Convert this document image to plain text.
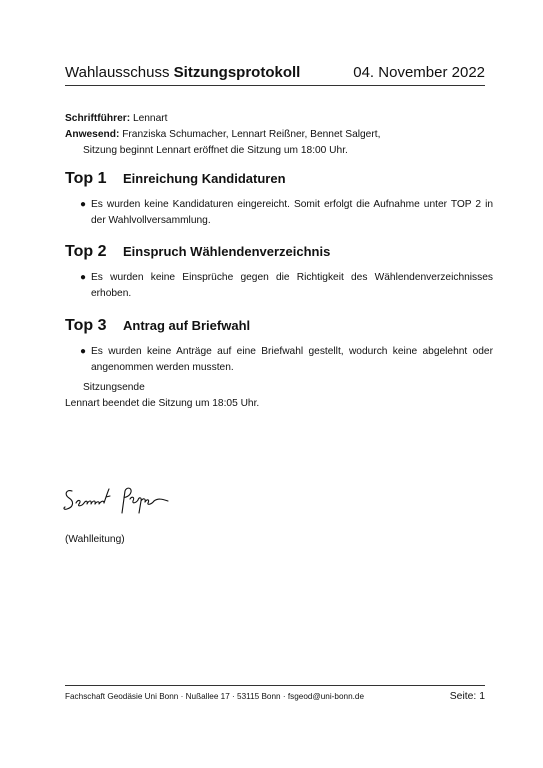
Wahlausschuss Sitzungsprotokoll	04. November 2022
Schriftführer: Lennart
Anwesend: Franziska Schumacher, Lennart Reißner, Bennet Salgert,
Sitzung beginnt Lennart eröffnet die Sitzung um 18:00 Uhr.
Top 1	Einreichung Kandidaturen
● Es wurden keine Kandidaturen eingereicht. Somit erfolgt die Aufnahme unter TOP 2 in der Wahlvollversammlung.
Top 2	Einspruch Wählendenverzeichnis
● Es wurden keine Einsprüche gegen die Richtigkeit des Wählendenverzeichnisses erhoben.
Top 3	Antrag auf Briefwahl
● Es wurden keine Anträge auf eine Briefwahl gestellt, wodurch keine abgelehnt oder angenommen werden mussten.
Sitzungsende
Lennart beendet die Sitzung um 18:05 Uhr.
(Wahlleitung)
Fachschaft Geodäsie Uni Bonn · Nußallee 17 · 53115 Bonn · fsgeod@uni-bonn.de	Seite: 1
